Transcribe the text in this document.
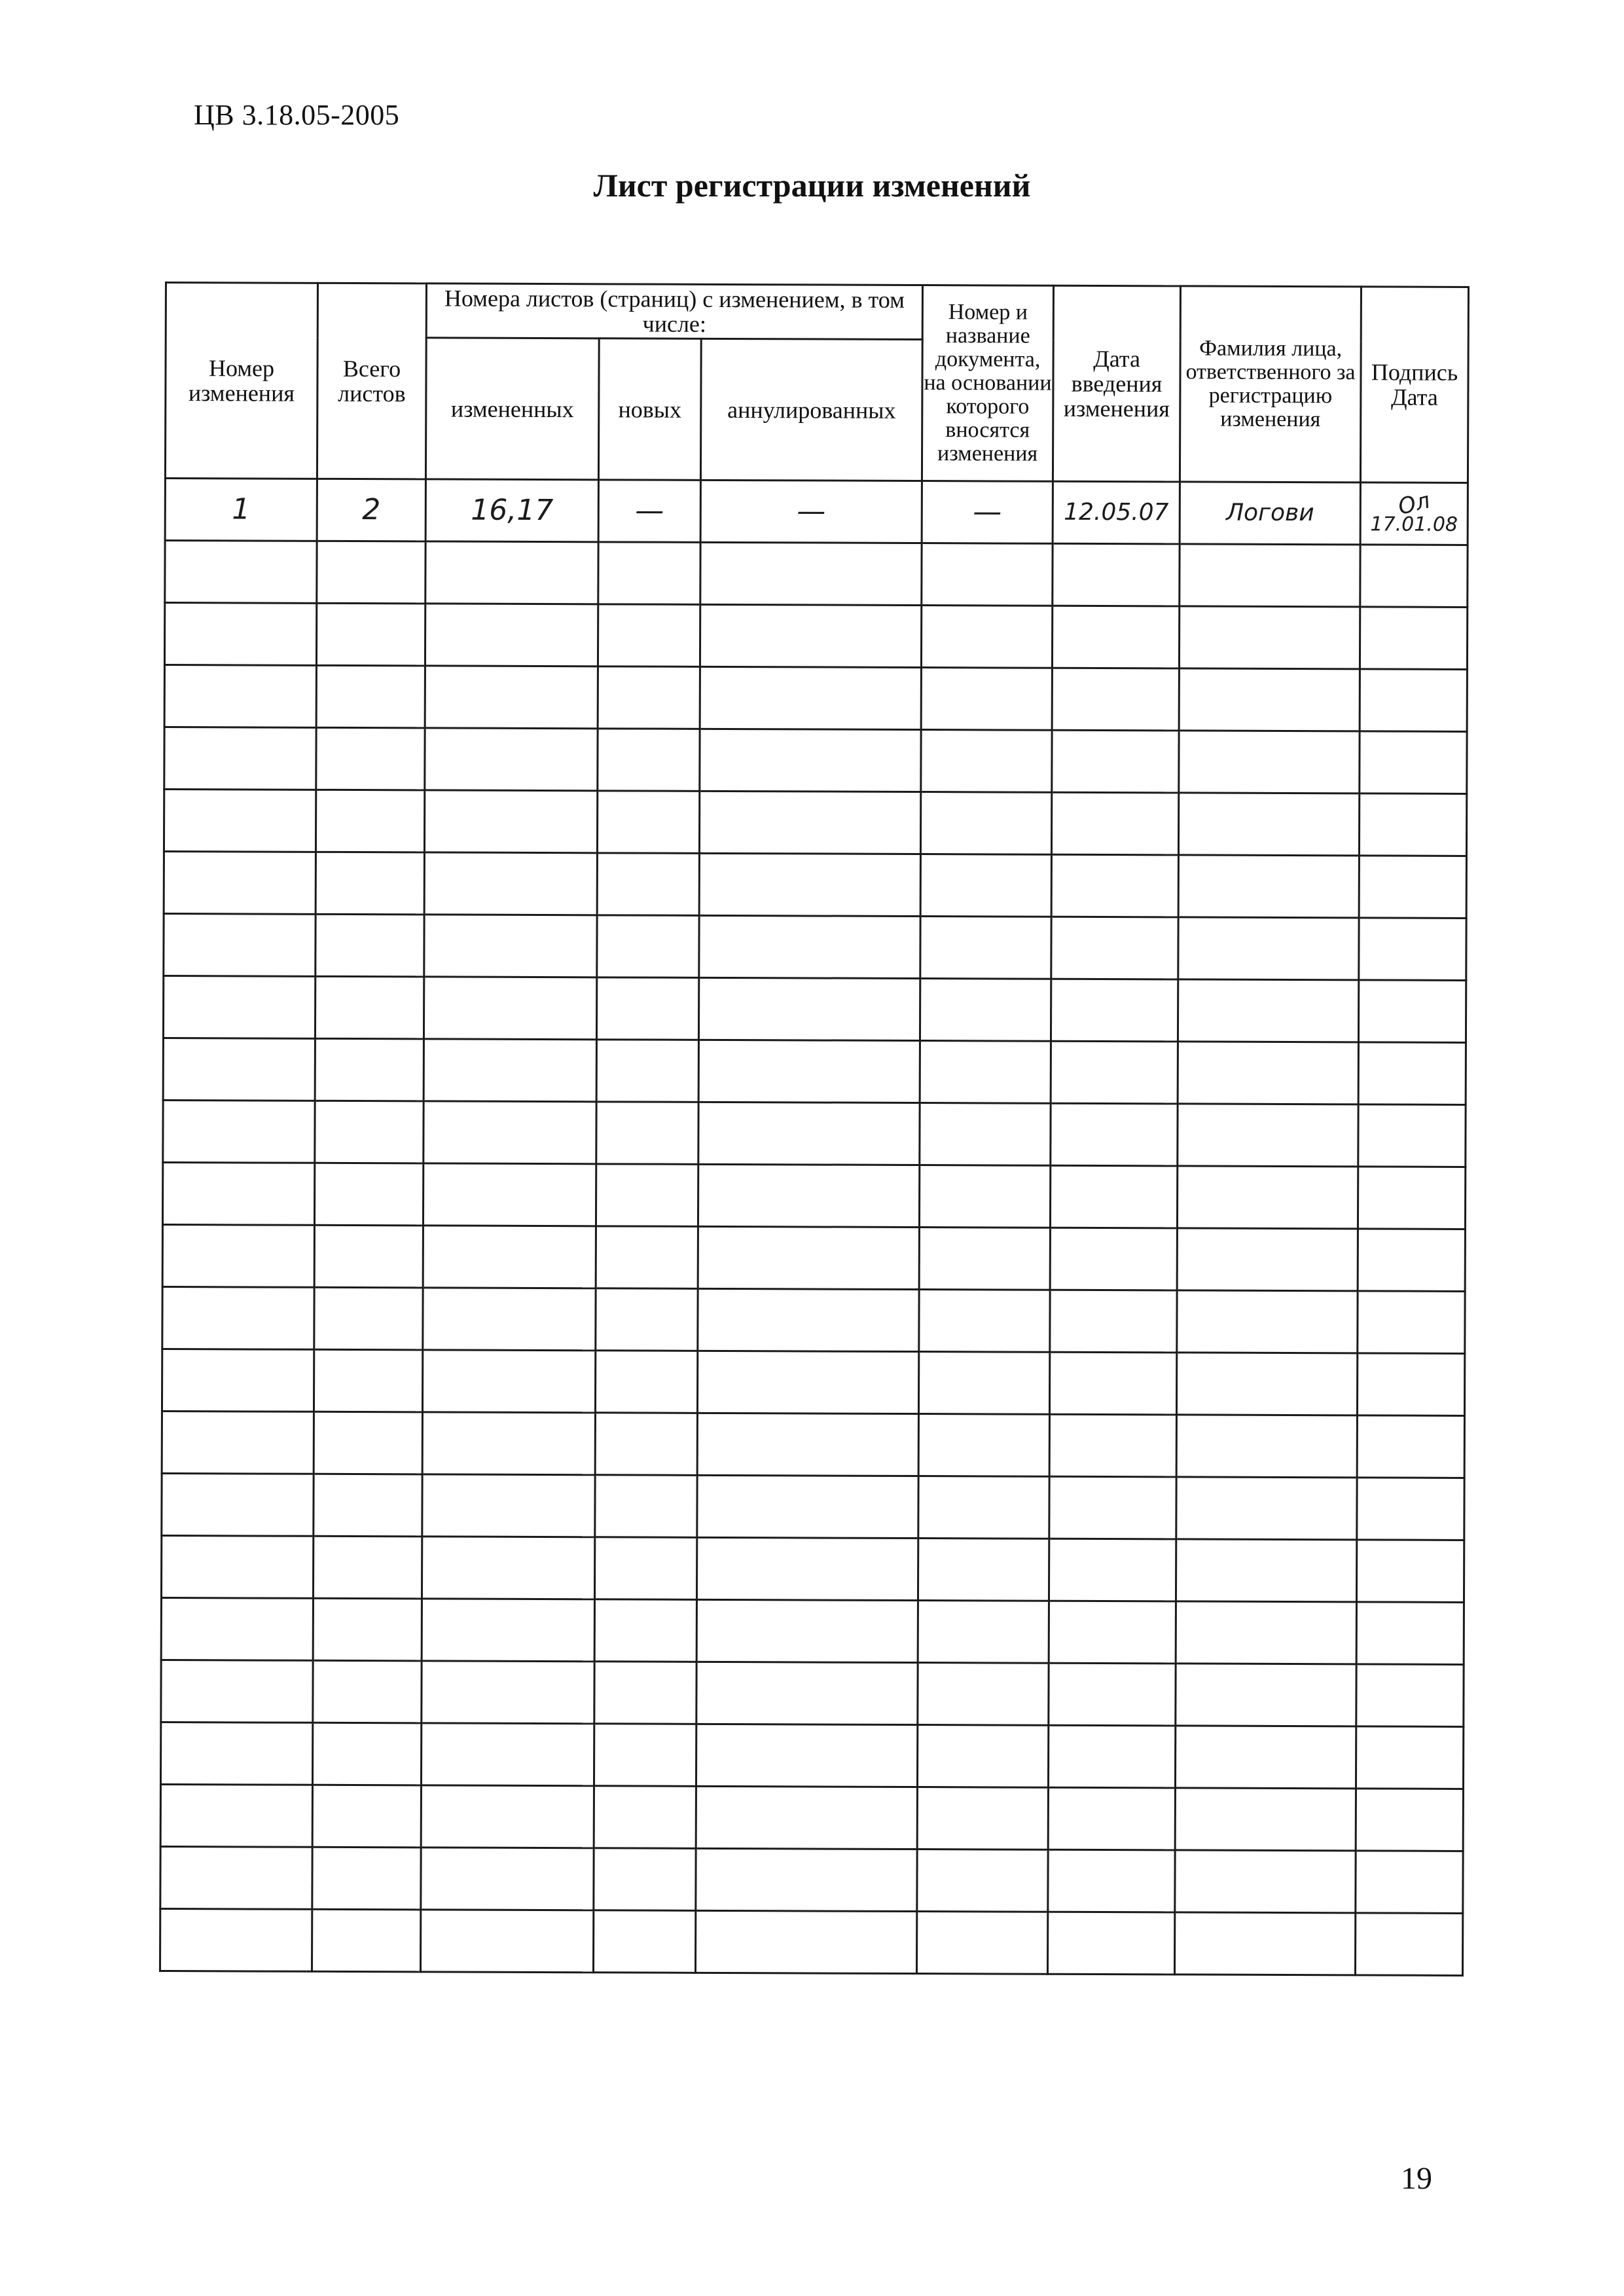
ЦВ 3.18.05-2005
Лист регистрации изменений
Номер изменения	Всего листов	Номера листов (страниц) с изменением, в том числе:			Номер и название документа, на основании которого вносятся изменения	Дата введения изменения	Фамилия лица, ответственного за регистрацию изменения	Подпись Дата
		измененных	новых	аннулированных				
1	2	16,17	—	—	—	12.05.07	Логови	Ол
17.01.08

19
